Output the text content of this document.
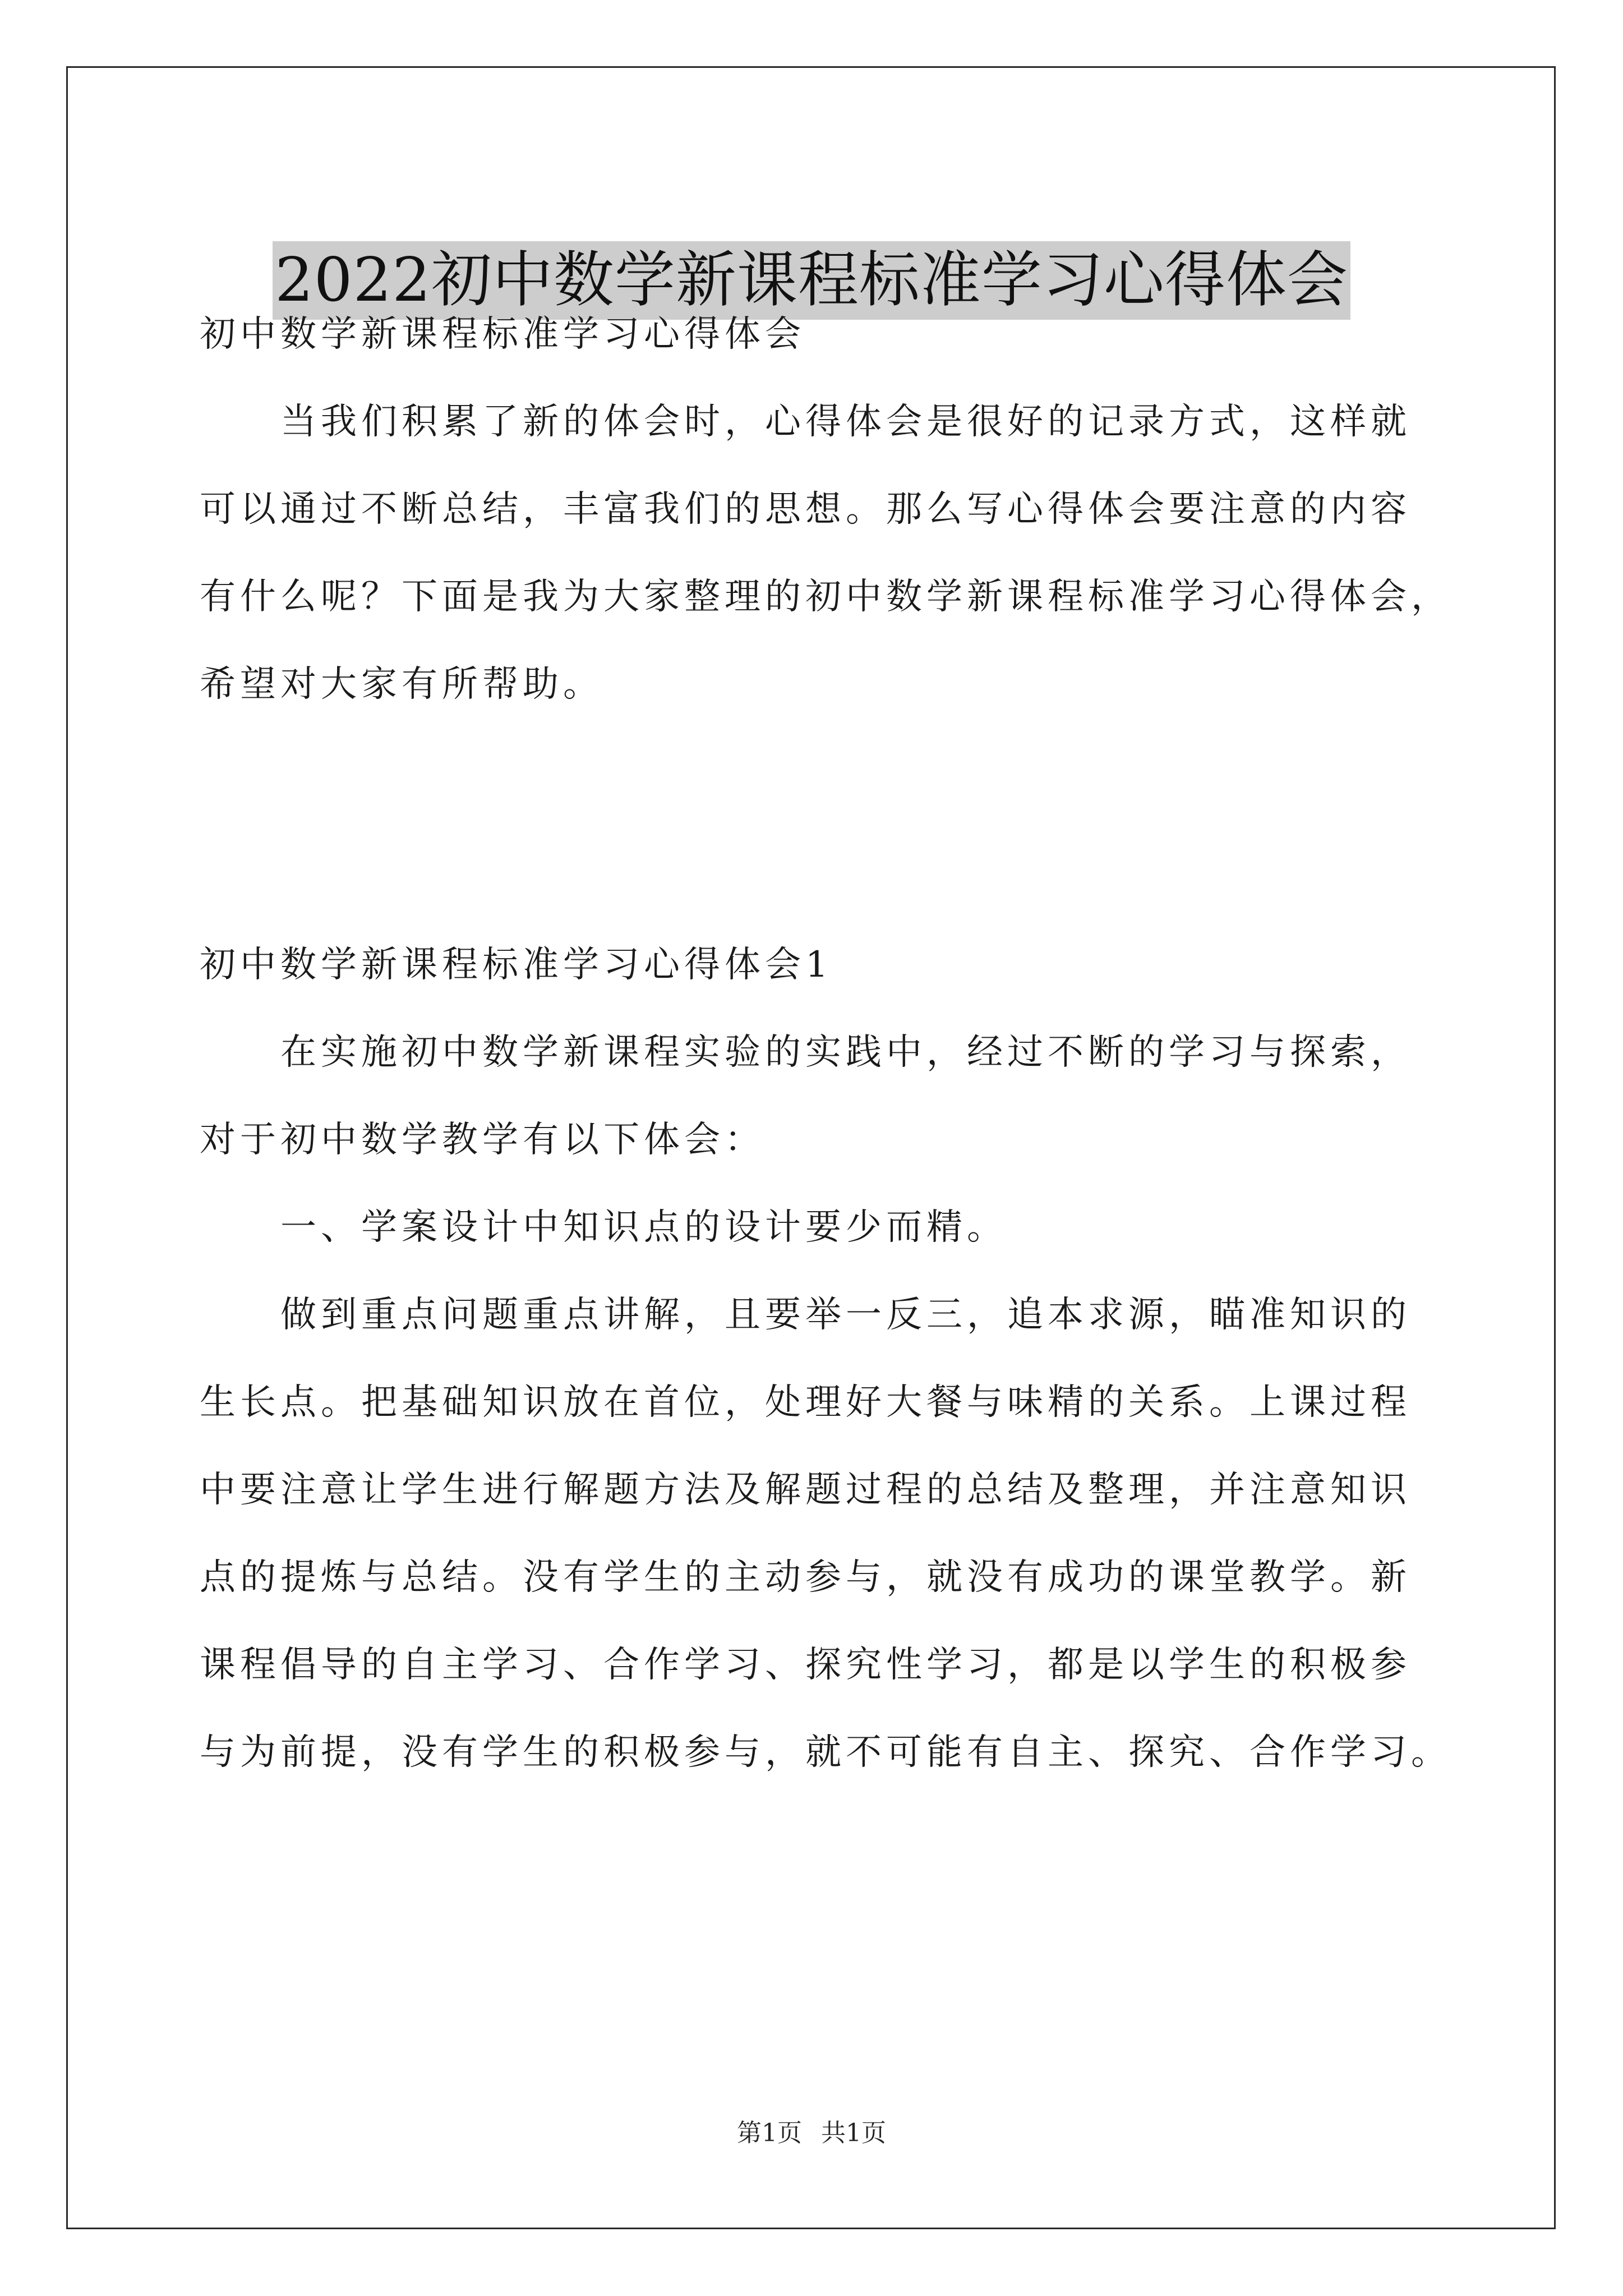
2022初中数学新课程标准学习心得体会
初中数学新课程标准学习心得体会
　　当我们积累了新的体会时，心得体会是很好的记录方式，这样就
可以通过不断总结，丰富我们的思想。那么写心得体会要注意的内容
有什么呢？下面是我为大家整理的初中数学新课程标准学习心得体会，
希望对大家有所帮助。
初中数学新课程标准学习心得体会1
　　在实施初中数学新课程实验的实践中，经过不断的学习与探索，
对于初中数学教学有以下体会：
　　一、学案设计中知识点的设计要少而精。
　　做到重点问题重点讲解，且要举一反三，追本求源，瞄准知识的
生长点。把基础知识放在首位，处理好大餐与味精的关系。上课过程
中要注意让学生进行解题方法及解题过程的总结及整理，并注意知识
点的提炼与总结。没有学生的主动参与，就没有成功的课堂教学。新
课程倡导的自主学习、合作学习、探究性学习，都是以学生的积极参
与为前提，没有学生的积极参与，就不可能有自主、探究、合作学习。
第1页 共1页
